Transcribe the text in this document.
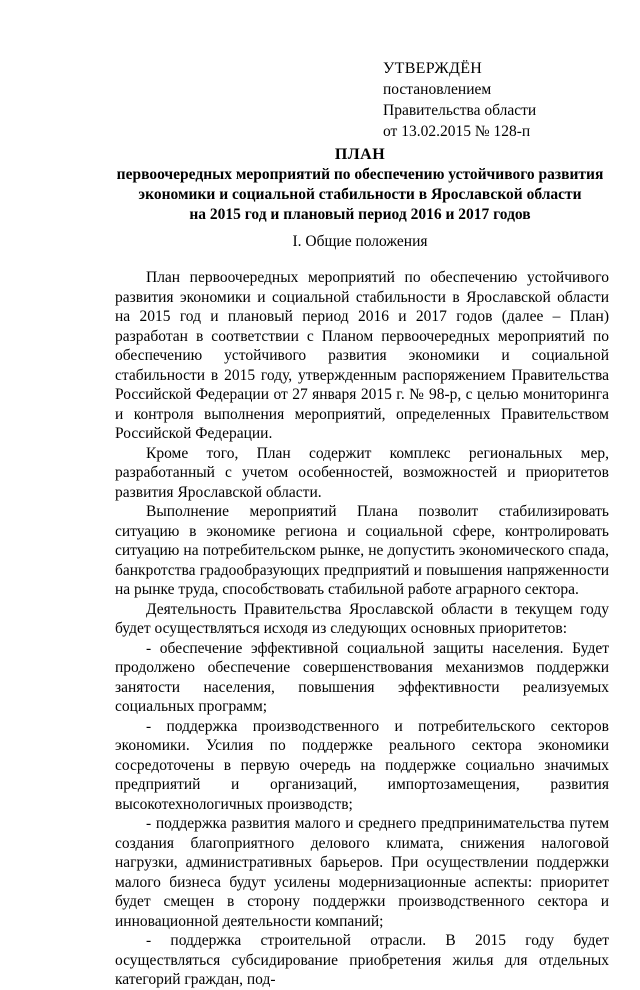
УТВЕРЖДЁН
постановлением
Правительства области
от 13.02.2015 № 128-п
ПЛАН
первоочередных мероприятий по обеспечению устойчивого развития
экономики и социальной стабильности в Ярославской области
на 2015 год и плановый период 2016 и 2017 годов
I. Общие положения

План первоочередных мероприятий по обеспечению устойчивого развития экономики и социальной стабильности в Ярославской области на 2015 год и плановый период 2016 и 2017 годов (далее – План) разработан в соответствии с Планом первоочередных мероприятий по обеспечению устойчивого развития экономики и социальной стабильности в 2015 году, утвержденным распоряжением Правительства Российской Федерации от 27 января 2015 г. № 98-р, с целью мониторинга и контроля выполнения мероприятий, определенных Правительством Российской Федерации.

Кроме того, План содержит комплекс региональных мер, разработанный с учетом особенностей, возможностей и приоритетов развития Ярославской области.

Выполнение мероприятий Плана позволит стабилизировать ситуацию в экономике региона и социальной сфере, контролировать ситуацию на потребительском рынке, не допустить экономического спада, банкротства градообразующих предприятий и повышения напряженности на рынке труда, способствовать стабильной работе аграрного сектора.

Деятельность Правительства Ярославской области в текущем году будет осуществляться исходя из следующих основных приоритетов:

- обеспечение эффективной социальной защиты населения. Будет продолжено обеспечение совершенствования механизмов поддержки занятости населения, повышения эффективности реализуемых социальных программ;

- поддержка производственного и потребительского секторов экономики. Усилия по поддержке реального сектора экономики сосредоточены в первую очередь на поддержке социально значимых предприятий и организаций, импортозамещения, развития высокотехнологичных производств;

- поддержка развития малого и среднего предпринимательства путем создания благоприятного делового климата, снижения налоговой нагрузки, административных барьеров. При осуществлении поддержки малого бизнеса будут усилены модернизационные аспекты: приоритет будет смещен в сторону поддержки производственного сектора и инновационной деятельности компаний;

- поддержка строительной отрасли. В 2015 году будет осуществляться субсидирование приобретения жилья для отдельных категорий граждан, под-
